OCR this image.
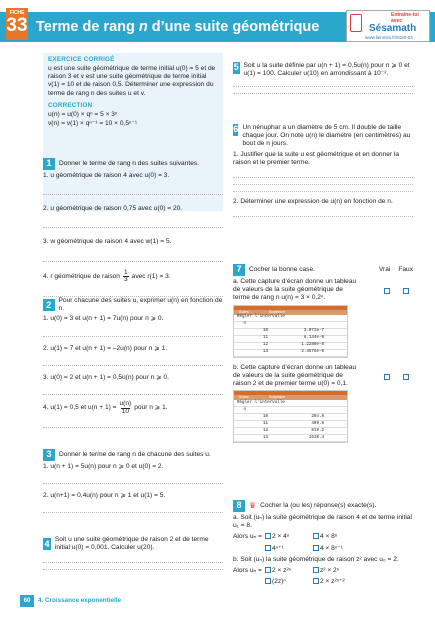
FICHE
33 Terme de rang n d’une suite géométrique
Entraîne-toi
avec
Sésamath
www.lienmini.fr/9180-04
EXERCICE CORRIGÉ

u est une suite géométrique de terme initial u(0) = 5 et de raison 3 et v est une suite géométrique de terme initial v(1) = 10 et de raison 0,5. Déterminer une expression du terme de rang n des suites u et v.

CORRECTION

u(n) = u(0) × qⁿ = 5 × 3ⁿ

v(n) = v(1) × qⁿ⁻¹ = 10 × 0,5ⁿ⁻¹

1	Donner le terme de rang n des suites suivantes.
1. u géométrique de raison 4 avec u(0) = 3.
2. u géométrique de raison 0,75 avec u(0) = 20.
3. w géométrique de raison 4 avec w(1) = 5.
4. r géométrique de raison
1
3
avec r(1) = 3.
2	Pour chacune des suites u, exprimer u(n) en fonction de n.
1. u(0) = 3 et u(n + 1) = 7u(n) pour n ⩾ 0.
2. u(1) = 7 et u(n + 1) = –2u(n) pour n ⩾ 1.
3. u(0) = 2 et u(n + 1) = 0,5u(n) pour n ⩾ 0.
4. u(1) = 0,5 et $u(n + 1) = \frac{u(n)}{10}$ pour n ⩾ 1.
3	Donner le terme de rang n de chacune des suites u.
1. u(n + 1) = 5u(n) pour n ⩾ 0 et u(0) = 2.
2. u(n+1) = 0,4u(n) pour n ⩾ 1 et u(1) = 5.
4 Soit u une suite géométrique de raison 2 et de terme initial u(0) = 0,001. Calculer u(20).
5 Soit u la suite définie par u(n + 1) = 0,5u(n) pour n ⩾ 0 et u(1) = 100. Calculer u(10) en arrondissant à 10⁻².
6 Un nénuphar a un diamètre de 5 cm. Il double de taille chaque jour. On note u(n) le diamètre (en centimètres) au bout de n jours.
1. Justifier que la suite u est géométrique et en donner la raison et le premier terme.
2. Déterminer une expression de u(n) en fonction de n.
7	Cocher la bonne case.	Vrai Faux
a. Cette capture d’écran donne un tableau de valeurs de la suite géométrique de terme de rang n u(n) = 3 × 0,2ⁿ.
Suites	Graphique
Régler l'intervalle
n
10	3.072e-7
11	6.144e-8
12	1.2288e-8
13	2.4576e-9
b. Cette capture d’écran donne un tableau de valeurs de la suite géométrique de raison 2 et de premier terme u(0) = 0,1.
Suites	Graphique
Régler l'intervalle
n
10	204.8
11	409.6
12	819.2
13	1638.4
8 ♛ Cocher la (ou les) réponse(s) exacte(s).
a. Soit (uₙ) la suite géométrique de raison 4 et de terme initial u₁ = 8.
Alors uₙ =	2 × 4ⁿ	4 × 8ⁿ
4ⁿ⁺¹	4 × 8ⁿ⁻¹
b. Soit (uₙ) la suite géométrique de raison z² avec u₀ = 2.
Alors uₙ =	2 × z²ⁿ	z² × 2ⁿ
(2z)ⁿ	2 × z²ⁿ⁺²
60	4. Croissance exponentielle
